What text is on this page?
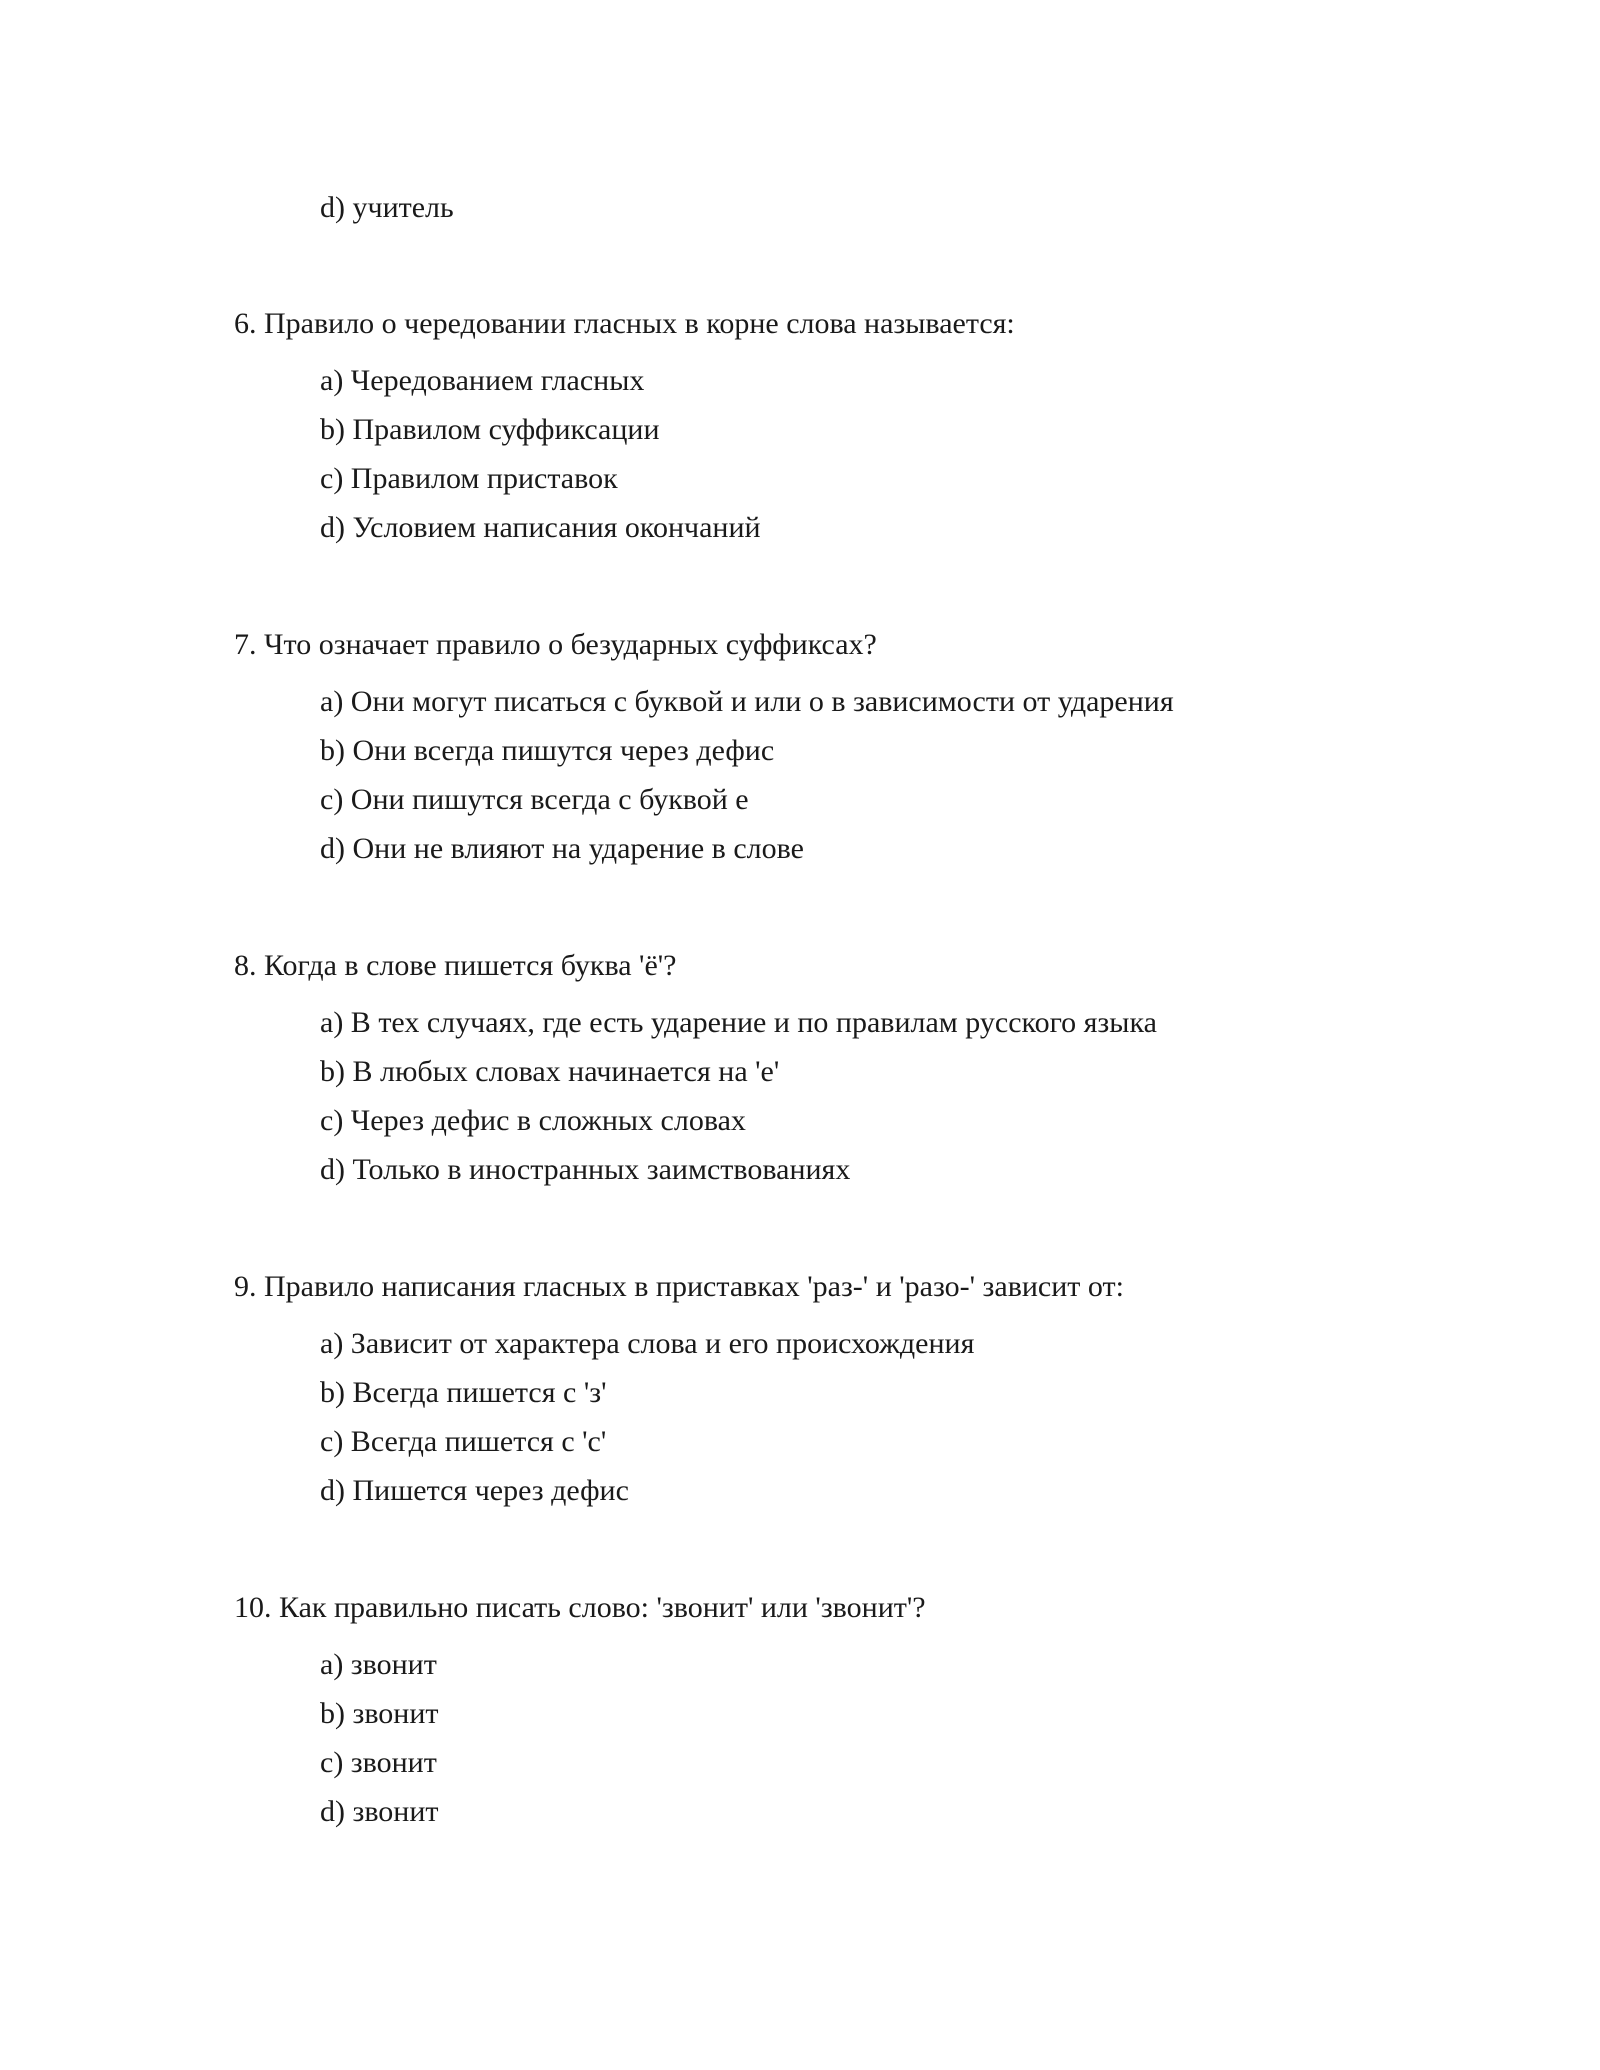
d) учитель

6. Правило о чередовании гласных в корне слова называется:

a) Чередованием гласных
b) Правилом суффиксации
c) Правилом приставок
d) Условием написания окончаний

7. Что означает правило о безударных суффиксах?

a) Они могут писаться с буквой и или о в зависимости от ударения
b) Они всегда пишутся через дефис
c) Они пишутся всегда с буквой е
d) Они не влияют на ударение в слове

8. Когда в слове пишется буква 'ё'?

a) В тех случаях, где есть ударение и по правилам русского языка
b) В любых словах начинается на 'е'
c) Через дефис в сложных словах
d) Только в иностранных заимствованиях

9. Правило написания гласных в приставках 'раз-' и 'разо-' зависит от:

a) Зависит от характера слова и его происхождения
b) Всегда пишется с 'з'
c) Всегда пишется с 'с'
d) Пишется через дефис

10. Как правильно писать слово: 'звонит' или 'звонит'?

a) звонит
b) звонит
c) звонит
d) звонит
